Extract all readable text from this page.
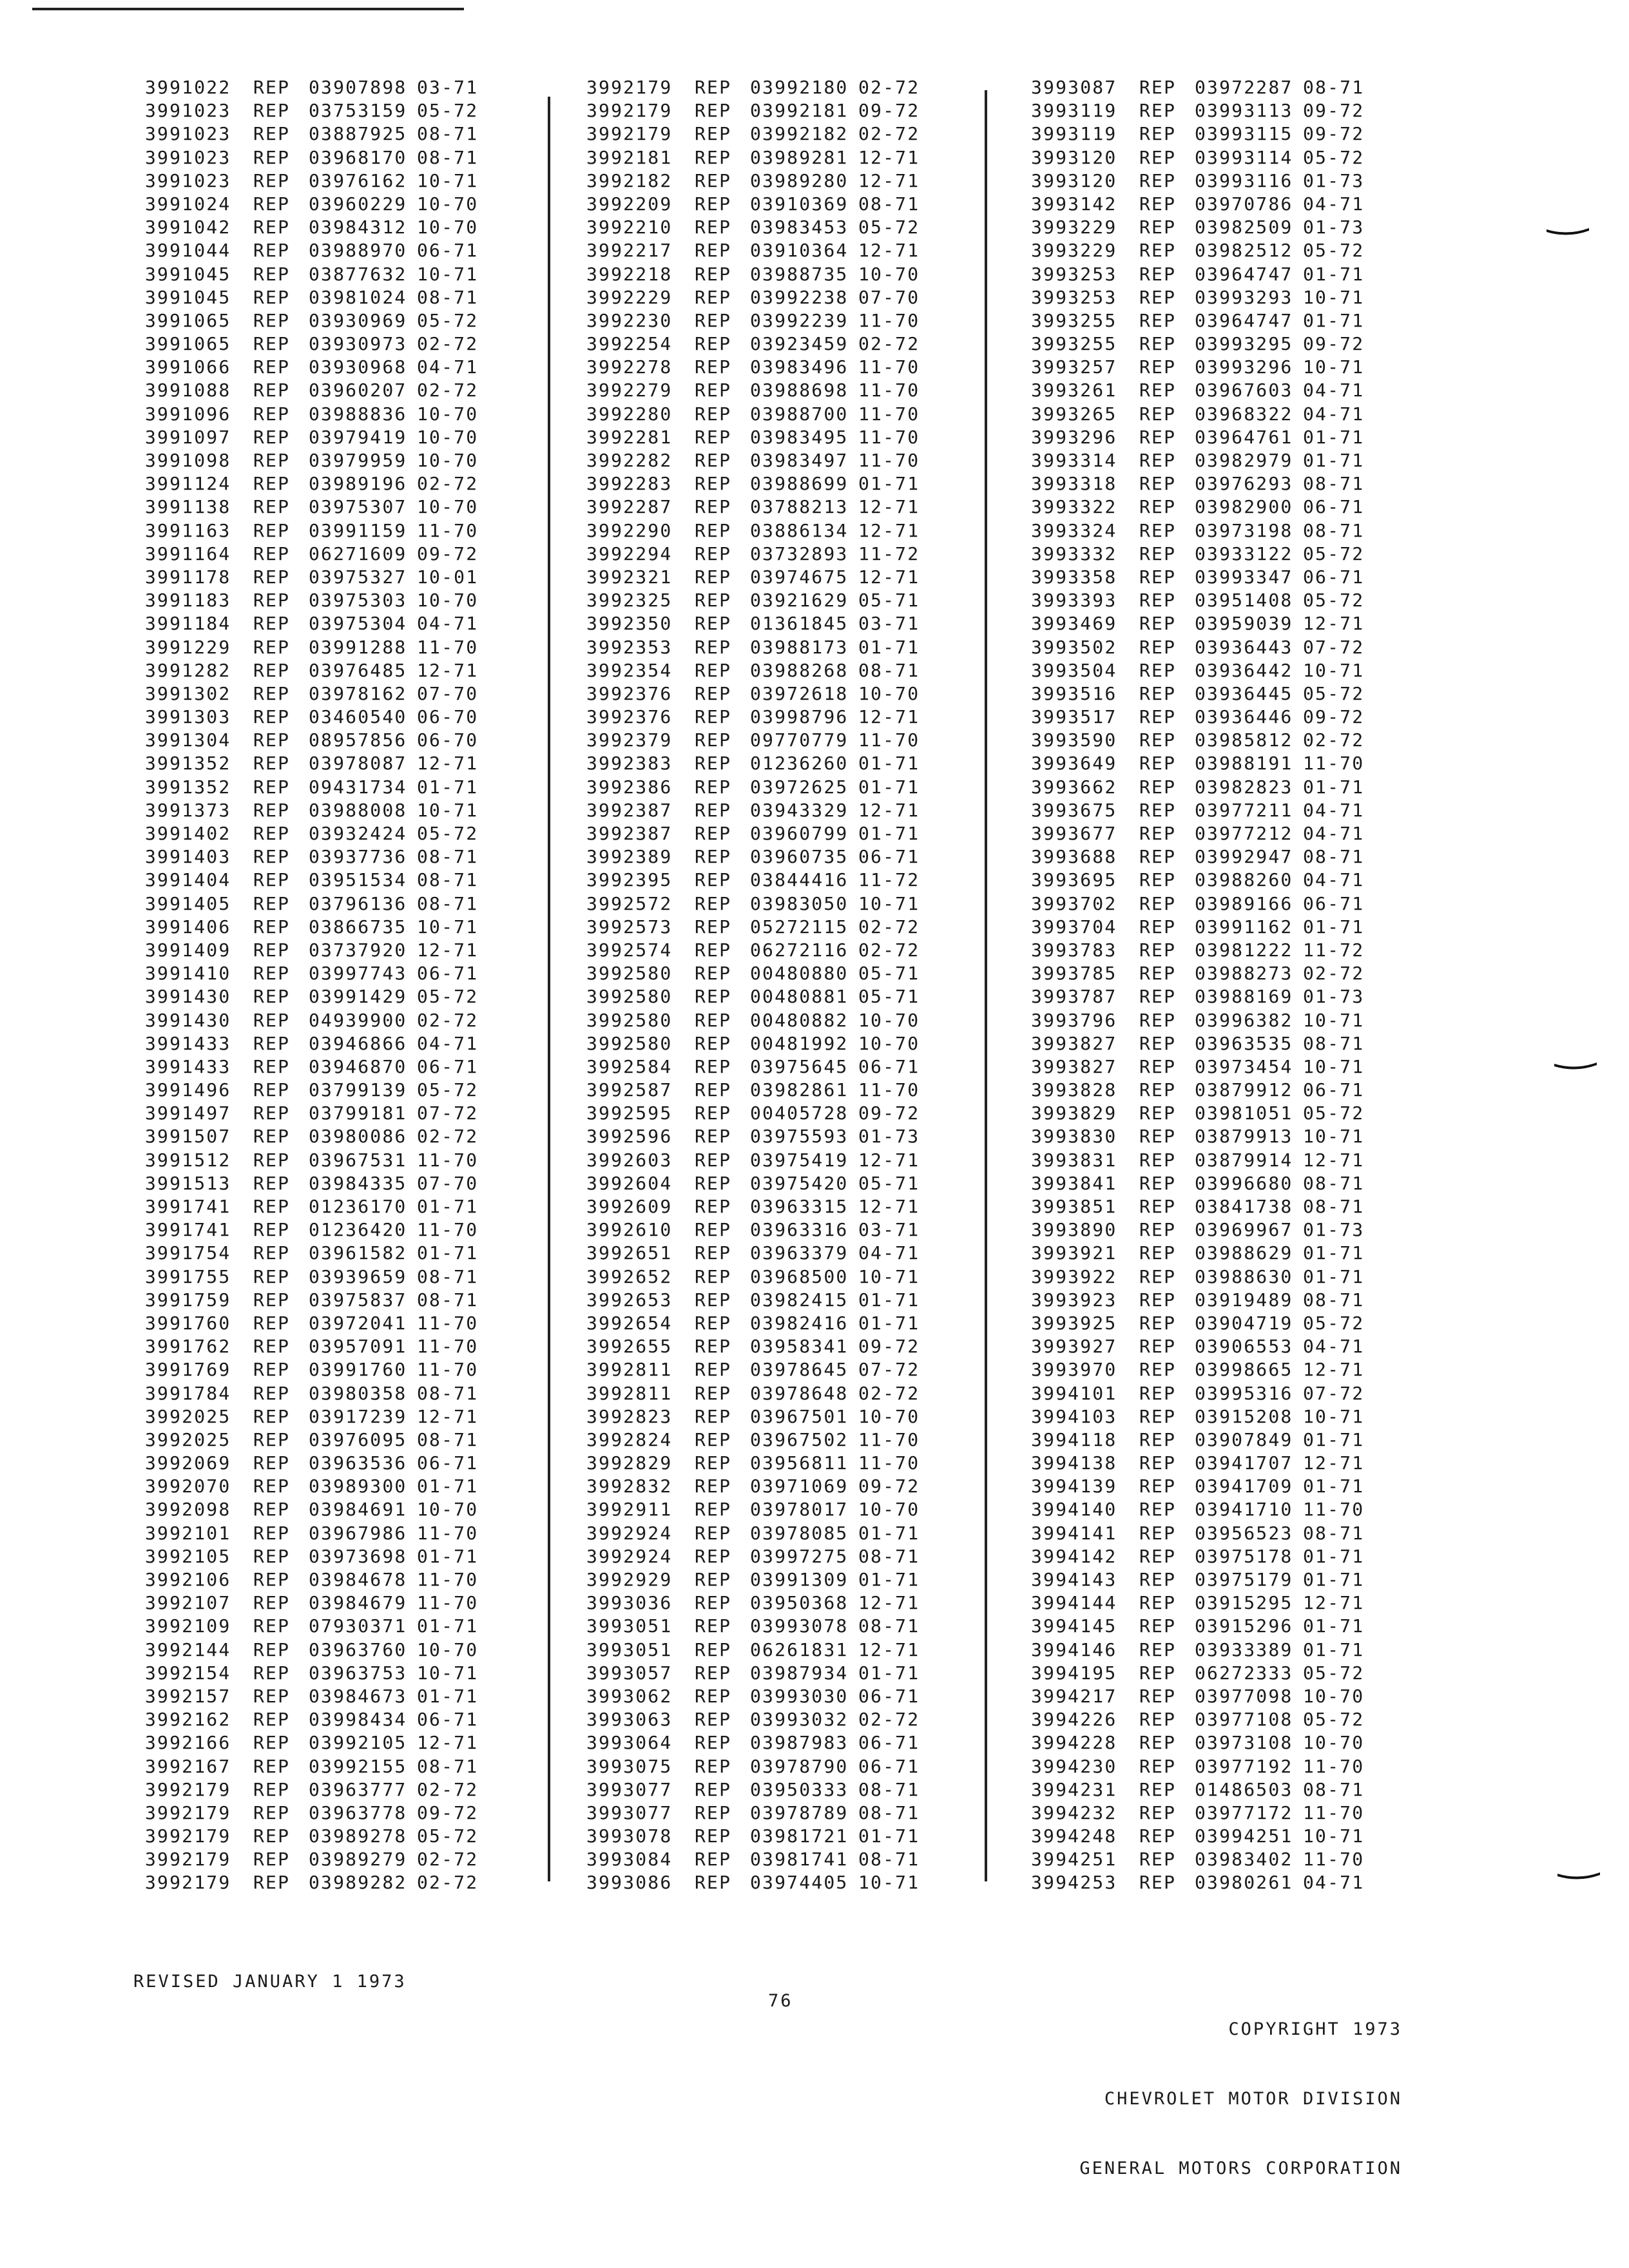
3991022 REP 03907898 03-71
3991023 REP 03753159 05-72
3991023 REP 03887925 08-71
3991023 REP 03968170 08-71
3991023 REP 03976162 10-71
3991024 REP 03960229 10-70
3991042 REP 03984312 10-70
3991044 REP 03988970 06-71
3991045 REP 03877632 10-71
3991045 REP 03981024 08-71
3991065 REP 03930969 05-72
3991065 REP 03930973 02-72
3991066 REP 03930968 04-71
3991088 REP 03960207 02-72
3991096 REP 03988836 10-70
3991097 REP 03979419 10-70
3991098 REP 03979959 10-70
3991124 REP 03989196 02-72
3991138 REP 03975307 10-70
3991163 REP 03991159 11-70
3991164 REP 06271609 09-72
3991178 REP 03975327 10-01
3991183 REP 03975303 10-70
3991184 REP 03975304 04-71
3991229 REP 03991288 11-70
3991282 REP 03976485 12-71
3991302 REP 03978162 07-70
3991303 REP 03460540 06-70
3991304 REP 08957856 06-70
3991352 REP 03978087 12-71
3991352 REP 09431734 01-71
3991373 REP 03988008 10-71
3991402 REP 03932424 05-72
3991403 REP 03937736 08-71
3991404 REP 03951534 08-71
3991405 REP 03796136 08-71
3991406 REP 03866735 10-71
3991409 REP 03737920 12-71
3991410 REP 03997743 06-71
3991430 REP 03991429 05-72
3991430 REP 04939900 02-72
3991433 REP 03946866 04-71
3991433 REP 03946870 06-71
3991496 REP 03799139 05-72
3991497 REP 03799181 07-72
3991507 REP 03980086 02-72
3991512 REP 03967531 11-70
3991513 REP 03984335 07-70
3991741 REP 01236170 01-71
3991741 REP 01236420 11-70
3991754 REP 03961582 01-71
3991755 REP 03939659 08-71
3991759 REP 03975837 08-71
3991760 REP 03972041 11-70
3991762 REP 03957091 11-70
3991769 REP 03991760 11-70
3991784 REP 03980358 08-71
3992025 REP 03917239 12-71
3992025 REP 03976095 08-71
3992069 REP 03963536 06-71
3992070 REP 03989300 01-71
3992098 REP 03984691 10-70
3992101 REP 03967986 11-70
3992105 REP 03973698 01-71
3992106 REP 03984678 11-70
3992107 REP 03984679 11-70
3992109 REP 07930371 01-71
3992144 REP 03963760 10-70
3992154 REP 03963753 10-71
3992157 REP 03984673 01-71
3992162 REP 03998434 06-71
3992166 REP 03992105 12-71
3992167 REP 03992155 08-71
3992179 REP 03963777 02-72
3992179 REP 03963778 09-72
3992179 REP 03989278 05-72
3992179 REP 03989279 02-72
3992179 REP 03989282 02-72
3992179 REP 03992180 02-72
3992179 REP 03992181 09-72
3992179 REP 03992182 02-72
3992181 REP 03989281 12-71
3992182 REP 03989280 12-71
3992209 REP 03910369 08-71
3992210 REP 03983453 05-72
3992217 REP 03910364 12-71
3992218 REP 03988735 10-70
3992229 REP 03992238 07-70
3992230 REP 03992239 11-70
3992254 REP 03923459 02-72
3992278 REP 03983496 11-70
3992279 REP 03988698 11-70
3992280 REP 03988700 11-70
3992281 REP 03983495 11-70
3992282 REP 03983497 11-70
3992283 REP 03988699 01-71
3992287 REP 03788213 12-71
3992290 REP 03886134 12-71
3992294 REP 03732893 11-72
3992321 REP 03974675 12-71
3992325 REP 03921629 05-71
3992350 REP 01361845 03-71
3992353 REP 03988173 01-71
3992354 REP 03988268 08-71
3992376 REP 03972618 10-70
3992376 REP 03998796 12-71
3992379 REP 09770779 11-70
3992383 REP 01236260 01-71
3992386 REP 03972625 01-71
3992387 REP 03943329 12-71
3992387 REP 03960799 01-71
3992389 REP 03960735 06-71
3992395 REP 03844416 11-72
3992572 REP 03983050 10-71
3992573 REP 05272115 02-72
3992574 REP 06272116 02-72
3992580 REP 00480880 05-71
3992580 REP 00480881 05-71
3992580 REP 00480882 10-70
3992580 REP 00481992 10-70
3992584 REP 03975645 06-71
3992587 REP 03982861 11-70
3992595 REP 00405728 09-72
3992596 REP 03975593 01-73
3992603 REP 03975419 12-71
3992604 REP 03975420 05-71
3992609 REP 03963315 12-71
3992610 REP 03963316 03-71
3992651 REP 03963379 04-71
3992652 REP 03968500 10-71
3992653 REP 03982415 01-71
3992654 REP 03982416 01-71
3992655 REP 03958341 09-72
3992811 REP 03978645 07-72
3992811 REP 03978648 02-72
3992823 REP 03967501 10-70
3992824 REP 03967502 11-70
3992829 REP 03956811 11-70
3992832 REP 03971069 09-72
3992911 REP 03978017 10-70
3992924 REP 03978085 01-71
3992924 REP 03997275 08-71
3992929 REP 03991309 01-71
3993036 REP 03950368 12-71
3993051 REP 03993078 08-71
3993051 REP 06261831 12-71
3993057 REP 03987934 01-71
3993062 REP 03993030 06-71
3993063 REP 03993032 02-72
3993064 REP 03987983 06-71
3993075 REP 03978790 06-71
3993077 REP 03950333 08-71
3993077 REP 03978789 08-71
3993078 REP 03981721 01-71
3993084 REP 03981741 08-71
3993086 REP 03974405 10-71
3993087 REP 03972287 08-71
3993119 REP 03993113 09-72
3993119 REP 03993115 09-72
3993120 REP 03993114 05-72
3993120 REP 03993116 01-73
3993142 REP 03970786 04-71
3993229 REP 03982509 01-73
3993229 REP 03982512 05-72
3993253 REP 03964747 01-71
3993253 REP 03993293 10-71
3993255 REP 03964747 01-71
3993255 REP 03993295 09-72
3993257 REP 03993296 10-71
3993261 REP 03967603 04-71
3993265 REP 03968322 04-71
3993296 REP 03964761 01-71
3993314 REP 03982979 01-71
3993318 REP 03976293 08-71
3993322 REP 03982900 06-71
3993324 REP 03973198 08-71
3993332 REP 03933122 05-72
3993358 REP 03993347 06-71
3993393 REP 03951408 05-72
3993469 REP 03959039 12-71
3993502 REP 03936443 07-72
3993504 REP 03936442 10-71
3993516 REP 03936445 05-72
3993517 REP 03936446 09-72
3993590 REP 03985812 02-72
3993649 REP 03988191 11-70
3993662 REP 03982823 01-71
3993675 REP 03977211 04-71
3993677 REP 03977212 04-71
3993688 REP 03992947 08-71
3993695 REP 03988260 04-71
3993702 REP 03989166 06-71
3993704 REP 03991162 01-71
3993783 REP 03981222 11-72
3993785 REP 03988273 02-72
3993787 REP 03988169 01-73
3993796 REP 03996382 10-71
3993827 REP 03963535 08-71
3993827 REP 03973454 10-71
3993828 REP 03879912 06-71
3993829 REP 03981051 05-72
3993830 REP 03879913 10-71
3993831 REP 03879914 12-71
3993841 REP 03996680 08-71
3993851 REP 03841738 08-71
3993890 REP 03969967 01-73
3993921 REP 03988629 01-71
3993922 REP 03988630 01-71
3993923 REP 03919489 08-71
3993925 REP 03904719 05-72
3993927 REP 03906553 04-71
3993970 REP 03998665 12-71
3994101 REP 03995316 07-72
3994103 REP 03915208 10-71
3994118 REP 03907849 01-71
3994138 REP 03941707 12-71
3994139 REP 03941709 01-71
3994140 REP 03941710 11-70
3994141 REP 03956523 08-71
3994142 REP 03975178 01-71
3994143 REP 03975179 01-71
3994144 REP 03915295 12-71
3994145 REP 03915296 01-71
3994146 REP 03933389 01-71
3994195 REP 06272333 05-72
3994217 REP 03977098 10-70
3994226 REP 03977108 05-72
3994228 REP 03973108 10-70
3994230 REP 03977192 11-70
3994231 REP 01486503 08-71
3994232 REP 03977172 11-70
3994248 REP 03994251 10-71
3994251 REP 03983402 11-70
3994253 REP 03980261 04-71
REVISED JANUARY 1 1973
76

COPYRIGHT 1973

CHEVROLET MOTOR DIVISION

GENERAL MOTORS CORPORATION
